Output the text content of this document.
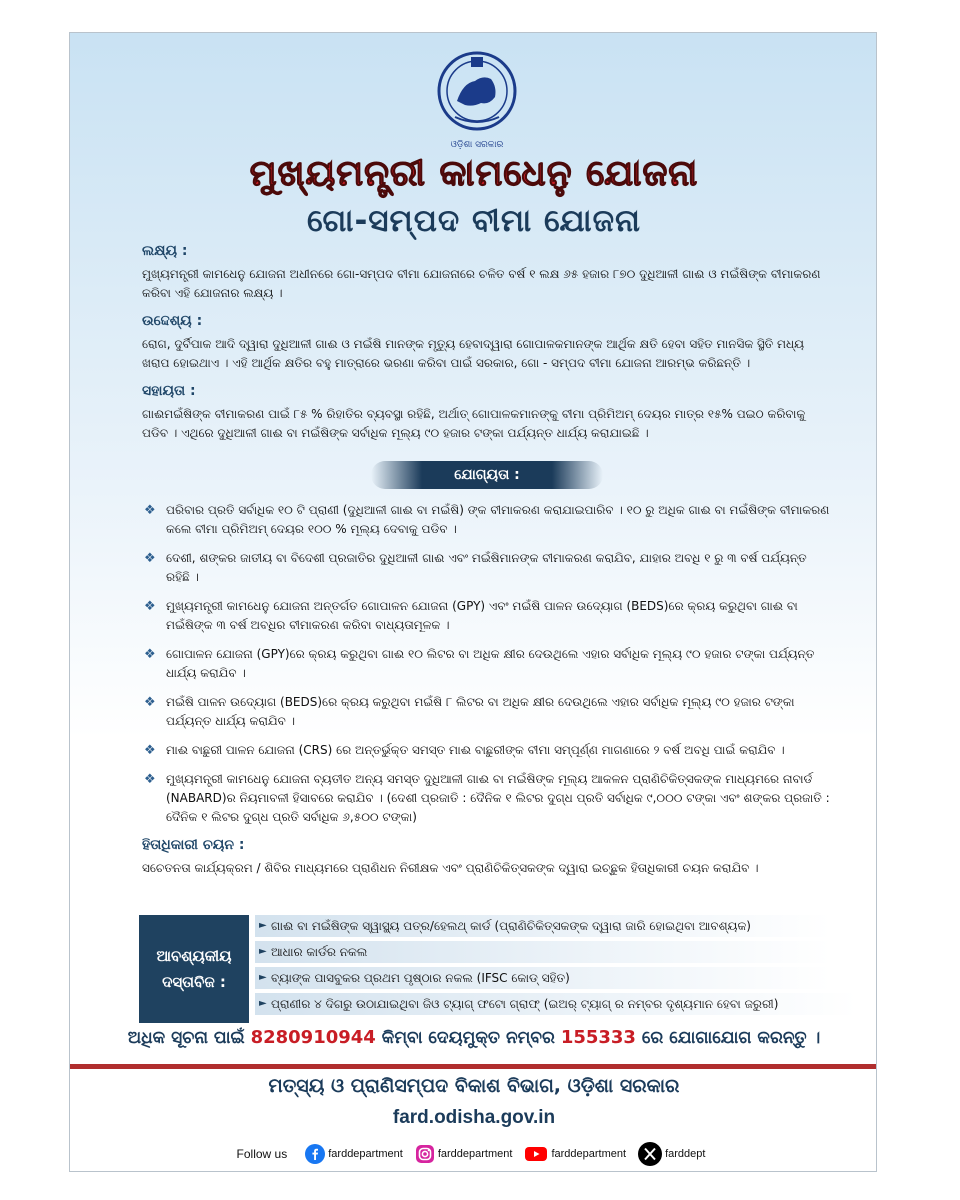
ଓଡ଼ିଶା ସରକାର
ମୁଖ୍ୟମନ୍ତ୍ରୀ କାମଧେନୁ ଯୋଜନା
ଗୋ-ସମ୍ପଦ ବୀମା ଯୋଜନା
ଲକ୍ଷ୍ୟ :
ମୁଖ୍ୟମନ୍ତ୍ରୀ କାମଧେନୁ ଯୋଜନା ଅଧୀନରେ ଗୋ-ସମ୍ପଦ ବୀମା ଯୋଜନାରେ ଚଳିତ ବର୍ଷ ୧ ଲକ୍ଷ ୬୫ ହଜାର ୮୭୦ ଦୁଧିଆଳୀ ଗାଈ ଓ ମଇଁଷିଙ୍କ ବୀମାକରଣ କରିବା ଏହି ଯୋଜନାର ଲକ୍ଷ୍ୟ ।
ଉଦ୍ଦେଶ୍ୟ :
ରୋଗ, ଦୁର୍ବିପାକ ଆଦି ଦ୍ୱାରା ଦୁଧିଆଳୀ ଗାଈ ଓ ମଇଁଷି ମାନଙ୍କ ମୃତ୍ୟୁ ହେବାଦ୍ୱାରା ଗୋପାଳକମାନଙ୍କ ଆର୍ଥିକ କ୍ଷତି ହେବା ସହିତ ମାନସିକ ସ୍ଥିତି ମଧ୍ୟ ଖରାପ ହୋଇଥାଏ । ଏହି ଆର୍ଥିକ କ୍ଷତିର ବହୁ ମାତ୍ରାରେ ଭରଣା କରିବା ପାଇଁ ସରକାର, ଗୋ - ସମ୍ପଦ ବୀମା ଯୋଜନା ଆରମ୍ଭ କରିଛନ୍ତି ।
ସହାୟତା :
ଗାଈମଇଁଷିଙ୍କ ବୀମାକରଣ ପାଇଁ ୮୫ % ରିହାତିର ବ୍ୟବସ୍ଥା ରହିଛି, ଅର୍ଥାତ୍ ଗୋପାଳକମାନଙ୍କୁ ବୀମା ପ୍ରିମିଅମ୍ ଦେୟର ମାତ୍ର ୧୫% ପଇଠ କରିବାକୁ ପଡିବ । ଏଥିରେ ଦୁଧିଆଳୀ ଗାଈ ବା ମଇଁଷିଙ୍କ ସର୍ବାଧିକ ମୂଲ୍ୟ ୯୦ ହଜାର ଟଙ୍କା ପର୍ଯ୍ୟନ୍ତ ଧାର୍ଯ୍ୟ କରାଯାଇଛି ।
ଯୋଗ୍ୟତା :
❖ ପରିବାର ପ୍ରତି ସର୍ବାଧିକ ୧୦ ଟି ପ୍ରାଣୀ (ଦୁଧିଆଳୀ ଗାଈ ବା ମଇଁଷି) ଙ୍କ ବୀମାକରଣ କରାଯାଇପାରିବ । ୧୦ ରୁ ଅଧିକ ଗାଈ ବା ମଇଁଷିଙ୍କ ବୀମାକରଣ କଲେ ବୀମା ପ୍ରିମିଅମ୍ ଦେୟର ୧୦୦ % ମୂଲ୍ୟ ଦେବାକୁ ପଡିବ ।
❖ ଦେଶୀ, ଶଙ୍କର ଜାତୀୟ ବା ବିଦେଶୀ ପ୍ରଜାତିର ଦୁଧିଆଳୀ ଗାଈ ଏବଂ ମଇଁଷିମାନଙ୍କ ବୀମାକରଣ କରାଯିବ, ଯାହାର ଅବଧି ୧ ରୁ ୩ ବର୍ଷ ପର୍ଯ୍ୟନ୍ତ ରହିଛି ।
❖ ମୁଖ୍ୟମନ୍ତ୍ରୀ କାମଧେନୁ ଯୋଜନା ଅନ୍ତର୍ଗତ ଗୋପାଳନ ଯୋଜନା (GPY) ଏବଂ ମଇଁଷି ପାଳନ ଉଦ୍ୟୋଗ (BEDS)ରେ କ୍ରୟ କରୁଥିବା ଗାଈ ବା ମଇଁଷିଙ୍କ ୩ ବର୍ଷ ଅବଧିର ବୀମାକରଣ କରିବା ବାଧ୍ୟତାମୂଳକ ।
❖ ଗୋପାଳନ ଯୋଜନା (GPY)ରେ କ୍ରୟ କରୁଥିବା ଗାଈ ୧୦ ଲିଟର ବା ଅଧିକ କ୍ଷୀର ଦେଉଥିଲେ ଏହାର ସର୍ବାଧିକ ମୂଲ୍ୟ ୯୦ ହଜାର ଟଙ୍କା ପର୍ଯ୍ୟନ୍ତ ଧାର୍ଯ୍ୟ କରାଯିବ ।
❖ ମଇଁଷି ପାଳନ ଉଦ୍ୟୋଗ (BEDS)ରେ କ୍ରୟ କରୁଥିବା ମଇଁଷି ୮ ଲିଟର ବା ଅଧିକ କ୍ଷୀର ଦେଉଥିଲେ ଏହାର ସର୍ବାଧିକ ମୂଲ୍ୟ ୯୦ ହଜାର ଟଙ୍କା ପର୍ଯ୍ୟନ୍ତ ଧାର୍ଯ୍ୟ କରାଯିବ ।
❖ ମାଈ ବାଛୁରୀ ପାଳନ ଯୋଜନା (CRS) ରେ ଅନ୍ତର୍ଭୁକ୍ତ ସମସ୍ତ ମାଈ ବାଛୁରୀଙ୍କ ବୀମା ସମ୍ପୂର୍ଣ୍ଣ ମାଗଣାରେ ୨ ବର୍ଷ ଅବଧି ପାଇଁ କରାଯିବ ।
❖ ମୁଖ୍ୟମନ୍ତ୍ରୀ କାମଧେନୁ ଯୋଜନା ବ୍ୟତୀତ ଅନ୍ୟ ସମସ୍ତ ଦୁଧିଆଳୀ ଗାଈ ବା ମଇଁଷିଙ୍କ ମୂଲ୍ୟ ଆକଳନ ପ୍ରାଣିଚିକିତ୍ସକଙ୍କ ମାଧ୍ୟମରେ ନାବାର୍ଡ (NABARD)ର ନିୟମାବଳୀ ହିସାବରେ କରାଯିବ । (ଦେଶୀ ପ୍ରଜାତି : ଦୈନିକ ୧ ଲିଟର ଦୁଗ୍ଧ ପ୍ରତି ସର୍ବାଧିକ ୯,୦୦୦ ଟଙ୍କା ଏବଂ ଶଙ୍କର ପ୍ରଜାତି : ଦୈନିକ ୧ ଲିଟର ଦୁଗ୍ଧ ପ୍ରତି ସର୍ବାଧିକ ୬,୫୦୦ ଟଙ୍କା)
ହିତାଧିକାରୀ ଚୟନ :
ସଚେତନତା କାର୍ଯ୍ୟକ୍ରମ / ଶିବିର ମାଧ୍ୟମରେ ପ୍ରାଣିଧନ ନିରୀକ୍ଷକ ଏବଂ ପ୍ରାଣିଚିକିତ୍ସକଙ୍କ ଦ୍ୱାରା ଇଚ୍ଛୁକ ହିତାଧିକାରୀ ଚୟନ କରାଯିବ ।
ଆବଶ୍ୟକୀୟ
ଦସ୍ତାବିଜ :
► ଗାଈ ବା ମଇଁଷିଙ୍କ ସ୍ୱାସ୍ଥ୍ୟ ପତ୍ର/ହେଲଥ୍ କାର୍ଡ (ପ୍ରାଣିଚିକିତ୍ସକଙ୍କ ଦ୍ୱାରା ଜାରି ହୋଇଥିବା ଆବଶ୍ୟକ)
► ଆଧାର କାର୍ଡର ନକଲ
► ବ୍ୟାଙ୍କ ପାସବୁକର ପ୍ରଥମ ପୃଷ୍ଠାର ନକଲ (IFSC କୋଡ୍ ସହିତ)
► ପ୍ରାଣୀର ୪ ଦିଗରୁ ଉଠାଯାଇଥିବା ଜିଓ ଟ୍ୟାଗ୍ ଫଟୋ ଗ୍ରାଫ୍ (ଇଅର୍ ଟ୍ୟାଗ୍ ର ନମ୍ବର ଦୃଶ୍ୟମାନ ହେବା ଜରୁରୀ)
ଅଧିକ ସୂଚନା ପାଇଁ 8280910944 କିମ୍ବା ଦେୟମୁକ୍ତ ନମ୍ବର 155333 ରେ ଯୋଗାଯୋଗ କରନ୍ତୁ ।
ମତ୍ସ୍ୟ ଓ ପ୍ରାଣିସମ୍ପଦ ବିକାଶ ବିଭାଗ, ଓଡ଼ିଶା ସରକାର
fard.odisha.gov.in
Follow us	farddepartment	farddepartment	farddepartment	farddept
